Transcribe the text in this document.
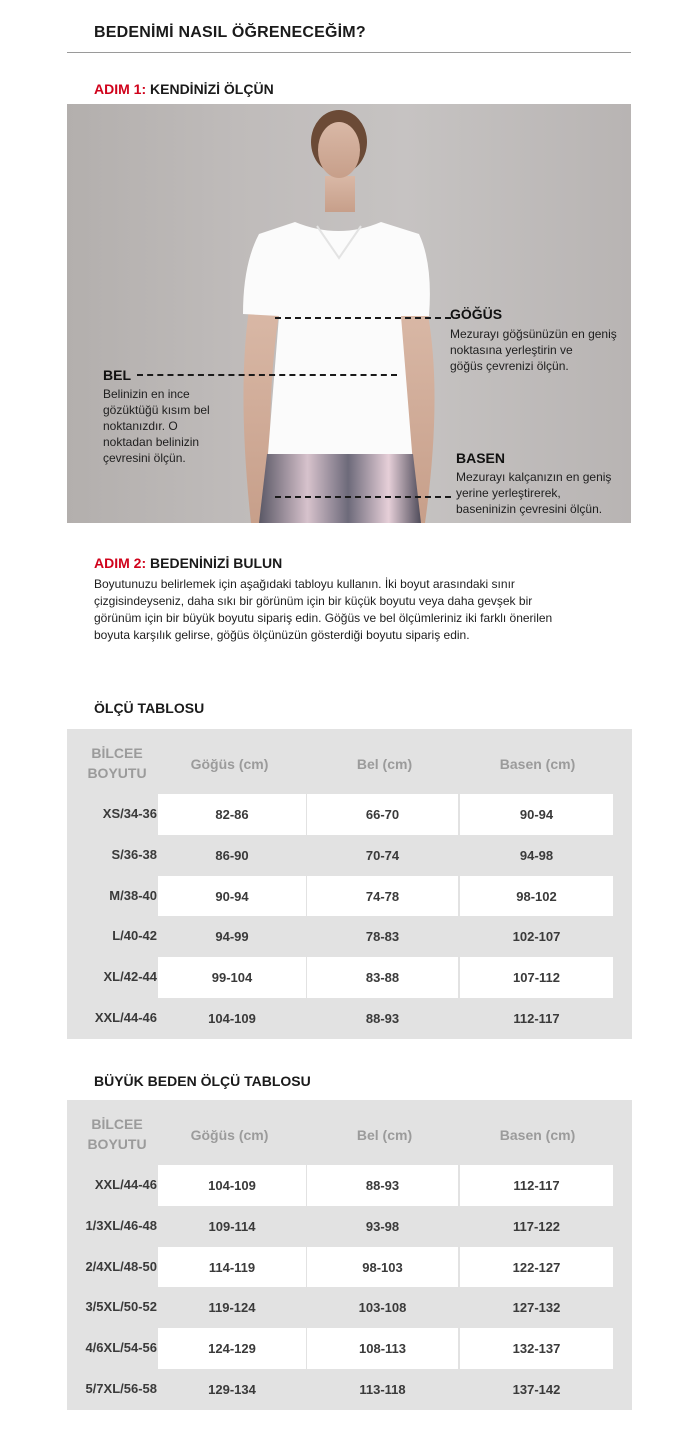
BEDENİMİ NASIL ÖĞRENECEĞİM?
ADIM 1: KENDİNİZİ ÖLÇÜN
GÖĞÜS
Mezurayı göğsünüzün en geniş
noktasına yerleştirin ve
göğüs çevrenizi ölçün.
BEL
Belinizin en ince
gözüktüğü kısım bel
noktanızdır. O
noktadan belinizin
çevresini ölçün.	BASEN
Mezurayı kalçanızın en geniş
yerine yerleştirerek,
baseninizin çevresini ölçün.
ADIM 2: BEDENİNİZİ BULUN
Boyutunuzu belirlemek için aşağıdaki tabloyu kullanın. İki boyut arasındaki sınır
çizgisindeyseniz, daha sıkı bir görünüm için bir küçük boyutu veya daha gevşek bir
görünüm için bir büyük boyutu sipariş edin. Göğüs ve bel ölçümleriniz iki farklı önerilen
boyuta karşılık gelirse, göğüs ölçünüzün gösterdiği boyutu sipariş edin.
ÖLÇÜ TABLOSU
BİLCEE
BOYUTU
Göğüs (cm)	Bel (cm)	Basen (cm)
XS/34-36	82-86	66-70	90-94
S/36-38	86-90	70-74	94-98
M/38-40	90-94	74-78	98-102
L/40-42	94-99	78-83	102-107
XL/42-44	99-104	83-88	107-112
XXL/44-46	104-109	88-93	112-117
BÜYÜK BEDEN ÖLÇÜ TABLOSU
BİLCEE
BOYUTU
Göğüs (cm)	Bel (cm)	Basen (cm)
XXL/44-46	104-109	88-93	112-117
1/3XL/46-48	109-114	93-98	117-122
2/4XL/48-50	114-119	98-103	122-127
3/5XL/50-52	119-124	103-108	127-132
4/6XL/54-56	124-129	108-113	132-137
5/7XL/56-58	129-134	113-118	137-142
